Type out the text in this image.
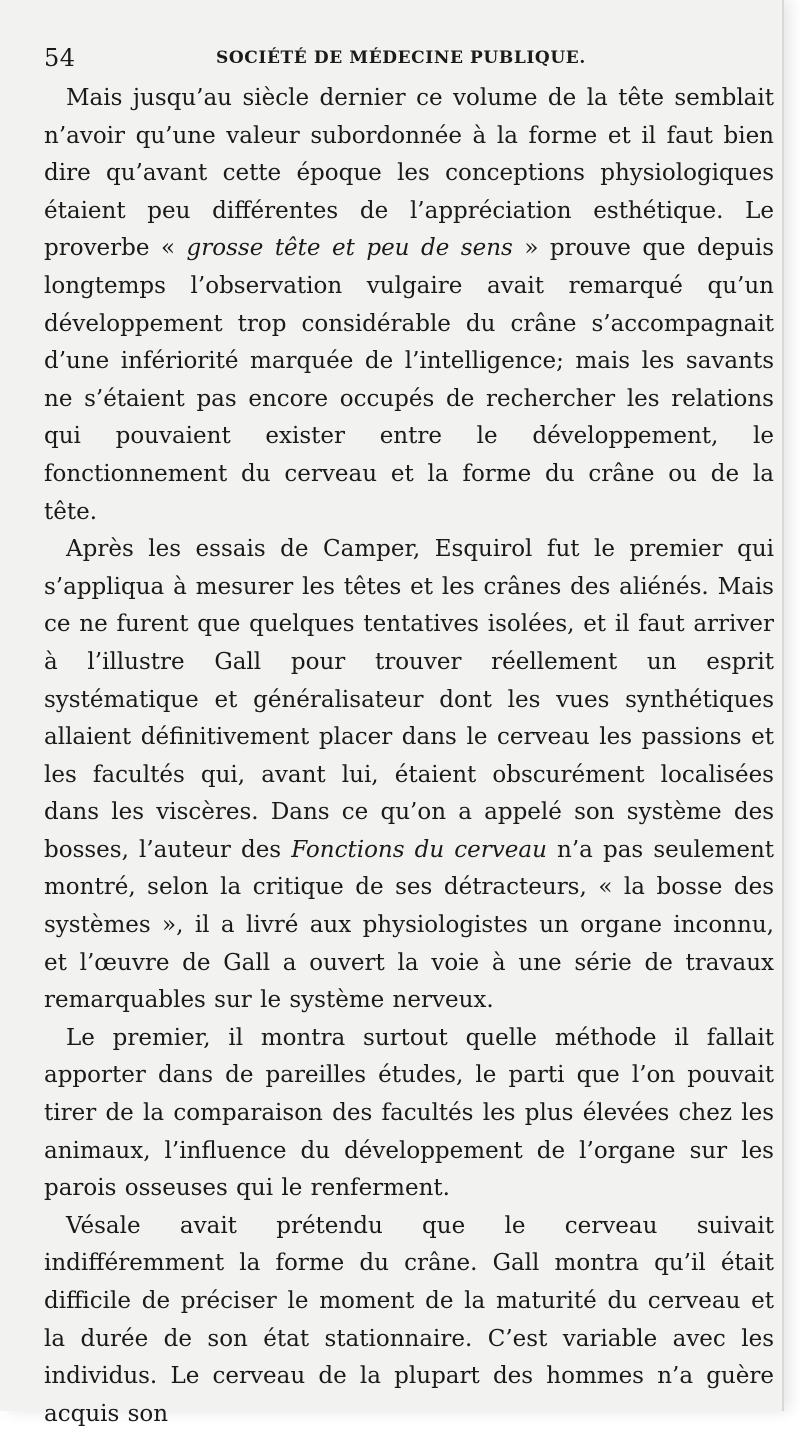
54	SOCIÉTÉ DE MÉDECINE PUBLIQUE.

Mais jusqu’au siècle dernier ce volume de la tête semblait n’avoir qu’une valeur subordonnée à la forme et il faut bien dire qu’avant cette époque les conceptions physiologiques étaient peu différentes de l’appréciation esthétique. Le proverbe « grosse tête et peu de sens » prouve que depuis longtemps l’observation vulgaire avait remarqué qu’un développement trop considérable du crâne s’accompagnait d’une infériorité marquée de l’intelligence; mais les savants ne s’étaient pas encore occupés de rechercher les relations qui pouvaient exister entre le développement, le fonctionnement du cerveau et la forme du crâne ou de la tête.

Après les essais de Camper, Esquirol fut le premier qui s’appliqua à mesurer les têtes et les crânes des aliénés. Mais ce ne furent que quelques tentatives isolées, et il faut arriver à l’illustre Gall pour trouver réellement un esprit systématique et généralisateur dont les vues synthétiques allaient définitivement placer dans le cerveau les passions et les facultés qui, avant lui, étaient obscurément localisées dans les viscères. Dans ce qu’on a appelé son système des bosses, l’auteur des Fonctions du cerveau n’a pas seulement montré, selon la critique de ses détracteurs, « la bosse des systèmes », il a livré aux physiologistes un organe inconnu, et l’œuvre de Gall a ouvert la voie à une série de travaux remarquables sur le système nerveux.

Le premier, il montra surtout quelle méthode il fallait apporter dans de pareilles études, le parti que l’on pouvait tirer de la comparaison des facultés les plus élevées chez les animaux, l’influence du développement de l’organe sur les parois osseuses qui le renferment.

Vésale avait prétendu que le cerveau suivait indifféremment la forme du crâne. Gall montra qu’il était difficile de préciser le moment de la maturité du cerveau et la durée de son état stationnaire. C’est variable avec les individus. Le cerveau de la plupart des hommes n’a guère acquis son
